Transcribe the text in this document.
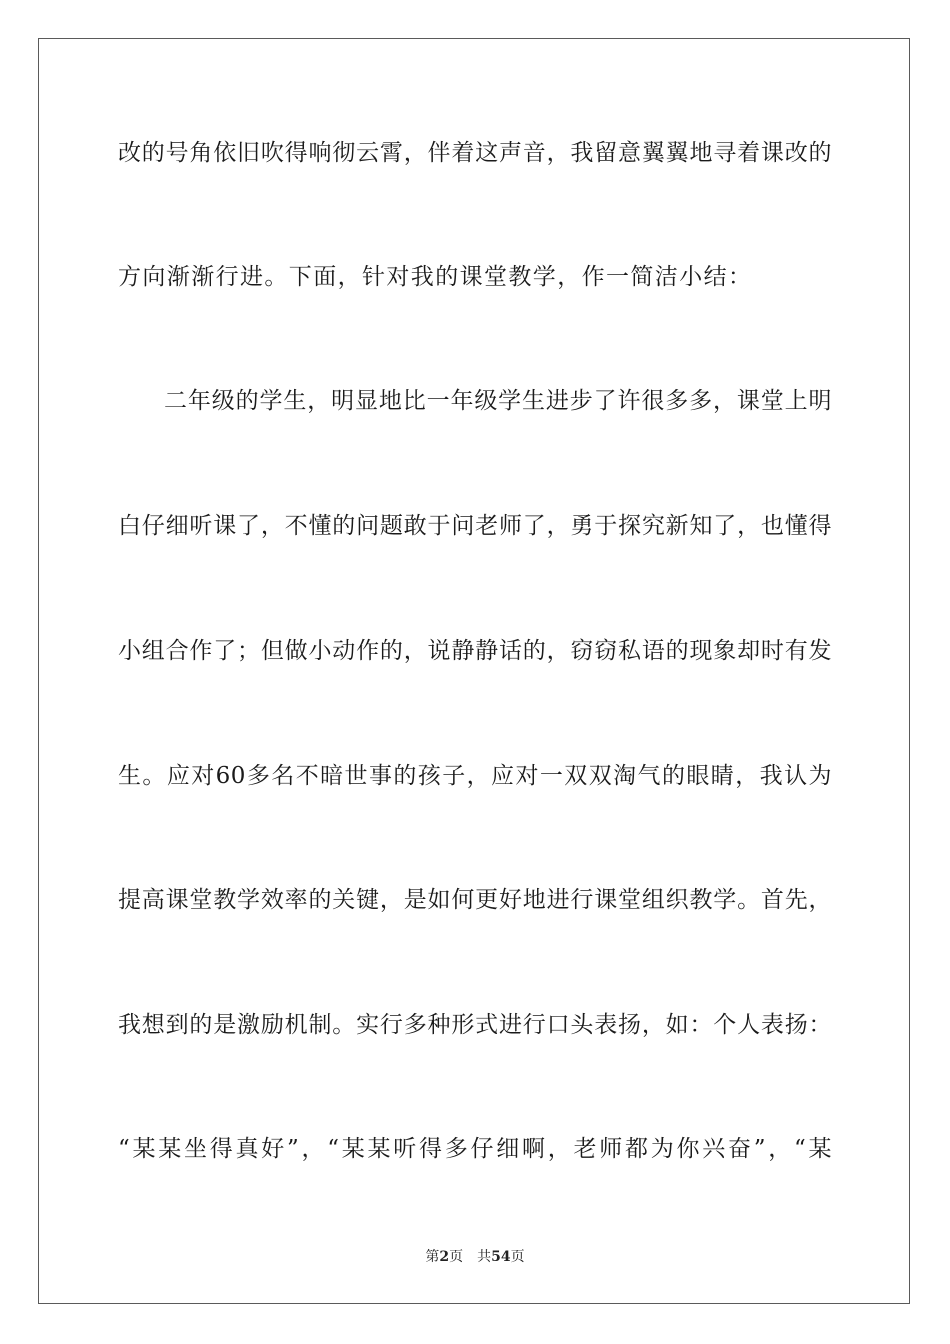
改的号角依旧吹得响彻云霄，伴着这声音，我留意翼翼地寻着课改的
方向渐渐行进。下面，针对我的课堂教学，作一简洁小结：
二年级的学生，明显地比一年级学生进步了许很多多，课堂上明
白仔细听课了，不懂的问题敢于问老师了，勇于探究新知了，也懂得
小组合作了；但做小动作的，说静静话的，窃窃私语的现象却时有发
生。应对60多名不暗世事的孩子，应对一双双淘气的眼睛，我认为
提高课堂教学效率的关键，是如何更好地进行课堂组织教学。首先，
我想到的是激励机制。实行多种形式进行口头表扬，如：个人表扬：
“某某坐得真好”，“某某听得多仔细啊，老师都为你兴奋”，“某
第2页 共54页
